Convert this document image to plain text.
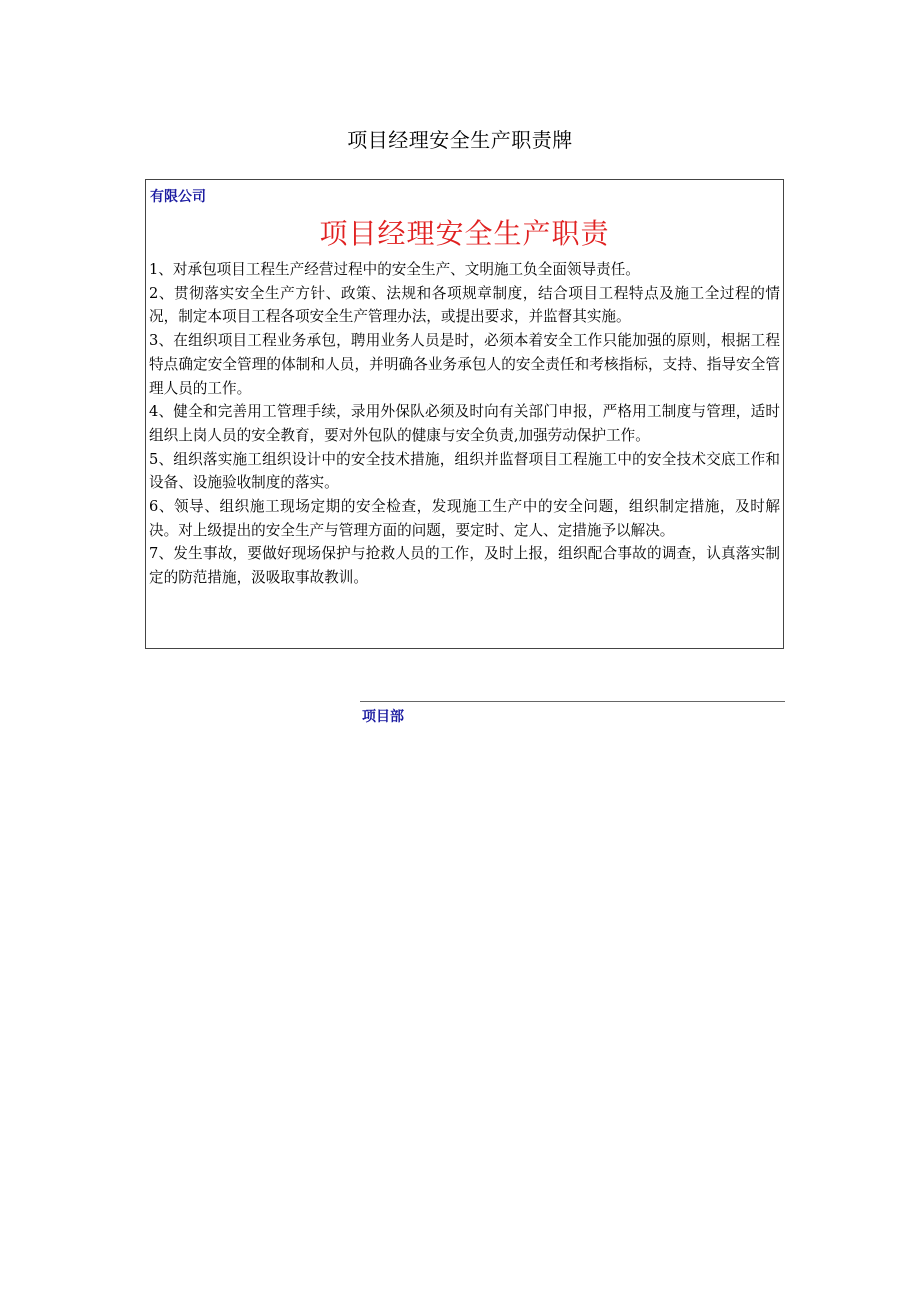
项目经理安全生产职责牌

有限公司

项目经理安全生产职责
1、对承包项目工程生产经营过程中的安全生产、文明施工负全面领导责任。
2、贯彻落实安全生产方针、政策、法规和各项规章制度，结合项目工程特点及施工全过程的情况，制定本项目工程各项安全生产管理办法，或提出要求，并监督其实施。
3、在组织项目工程业务承包，聘用业务人员是时，必须本着安全工作只能加强的原则，根据工程特点确定安全管理的体制和人员，并明确各业务承包人的安全责任和考核指标，支持、指导安全管理人员的工作。
4、健全和完善用工管理手续，录用外保队必须及时向有关部门申报，严格用工制度与管理，适时组织上岗人员的安全教育，要对外包队的健康与安全负责,加强劳动保护工作。
5、组织落实施工组织设计中的安全技术措施，组织并监督项目工程施工中的安全技术交底工作和设备、设施验收制度的落实。
6、领导、组织施工现场定期的安全检查，发现施工生产中的安全问题，组织制定措施，及时解决。对上级提出的安全生产与管理方面的问题，要定时、定人、定措施予以解决。
7、发生事故，要做好现场保护与抢救人员的工作，及时上报，组织配合事故的调查，认真落实制定的防范措施，汲吸取事故教训。

项目部
